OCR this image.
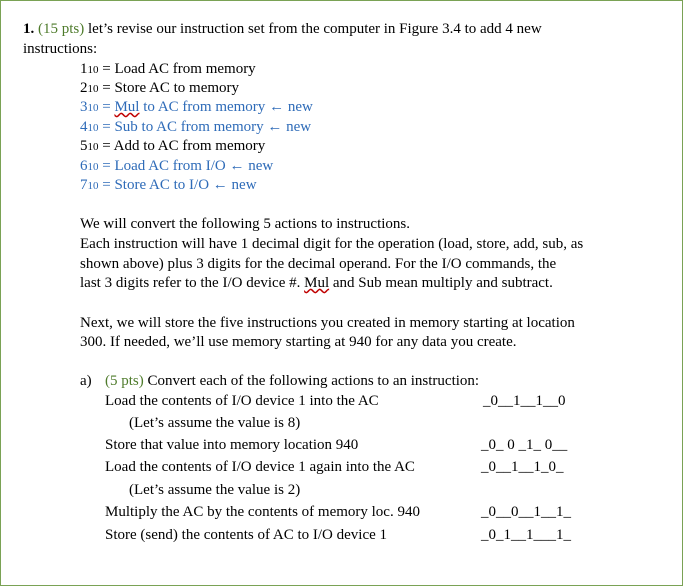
1. (15 pts) let’s revise our instruction set from the computer in Figure 3.4 to add 4 new
instructions:
110 = Load AC from memory
210 = Store AC to memory
310 = Mul to AC from memory ← new
410 = Sub to AC from memory ← new
510 = Add to AC from memory
610 = Load AC from I/O ← new
710 = Store AC to I/O ← new
We will convert the following 5 actions to instructions.
Each instruction will have 1 decimal digit for the operation (load, store, add, sub, as
shown above) plus 3 digits for the decimal operand. For the I/O commands, the
last 3 digits refer to the I/O device #. Mul and Sub mean multiply and subtract.
Next, we will store the five instructions you created in memory starting at location
300. If needed, we’ll use memory starting at 940 for any data you create.
a) (5 pts) Convert each of the following actions to an instruction:
Load the contents of I/O device 1 into the AC	_0__1__1__0
(Let’s assume the value is 8)
Store that value into memory location 940	_0_ 0 _1_ 0__
Load the contents of I/O device 1 again into the AC	_0__1__1_0_
(Let’s assume the value is 2)
Multiply the AC by the contents of memory loc. 940	_0__0__1__1_
Store (send) the contents of AC to I/O device 1	_0_1__1___1_
